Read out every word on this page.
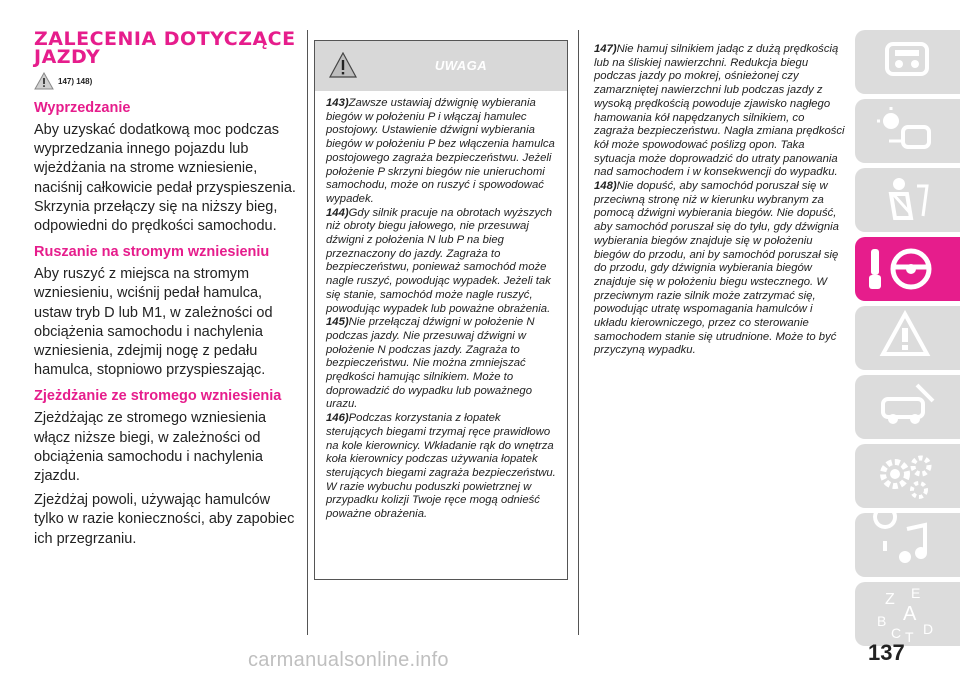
ZALECENIA DOTYCZĄCE JAZDY
147) 148)
Wyprzedzanie

Aby uzyskać dodatkową moc podczas wyprzedzania innego pojazdu lub wjeżdżania na strome wzniesienie, naciśnij całkowicie pedał przyspieszenia. Skrzynia przełączy się na niższy bieg, odpowiedni do prędkości samochodu.

Ruszanie na stromym wzniesieniu

Aby ruszyć z miejsca na stromym wzniesieniu, wciśnij pedał hamulca, ustaw tryb D lub M1, w zależności od obciążenia samochodu i nachylenia wzniesienia, zdejmij nogę z pedału hamulca, stopniowo przyspieszając.

Zjeżdżanie ze stromego wzniesienia

Zjeżdżając ze stromego wzniesienia włącz niższe biegi, w zależności od obciążenia samochodu i nachylenia zjazdu.

Zjeżdżaj powoli, używając hamulców tylko w razie konieczności, aby zapobiec ich przegrzaniu.

UWAGA

143)Zawsze ustawiaj dźwignię wybierania biegów w położeniu P i włączaj hamulec postojowy. Ustawienie dźwigni wybierania biegów w położeniu P bez włączenia hamulca postojowego zagraża bezpieczeństwu. Jeżeli położenie P skrzyni biegów nie unieruchomi samochodu, może on ruszyć i spowodować wypadek.

144)Gdy silnik pracuje na obrotach wyższych niż obroty biegu jałowego, nie przesuwaj dźwigni z położenia N lub P na bieg przeznaczony do jazdy. Zagraża to bezpieczeństwu, ponieważ samochód może nagle ruszyć, powodując wypadek. Jeżeli tak się stanie, samochód może nagle ruszyć, powodując wypadek lub poważne obrażenia.

145)Nie przełączaj dźwigni w położenie N podczas jazdy. Nie przesuwaj dźwigni w położenie N podczas jazdy. Zagraża to bezpieczeństwu. Nie można zmniejszać prędkości hamując silnikiem. Może to doprowadzić do wypadku lub poważnego urazu.

146)Podczas korzystania z łopatek sterujących biegami trzymaj ręce prawidłowo na kole kierownicy. Wkładanie rąk do wnętrza koła kierownicy podczas używania łopatek sterujących biegami zagraża bezpieczeństwu. W razie wybuchu poduszki powietrznej w przypadku kolizji Twoje ręce mogą odnieść poważne obrażenia.

147)Nie hamuj silnikiem jadąc z dużą prędkością lub na śliskiej nawierzchni. Redukcja biegu podczas jazdy po mokrej, ośnieżonej czy zamarzniętej nawierzchni lub podczas jazdy z wysoką prędkością powoduje zjawisko nagłego hamowania kół napędzanych silnikiem, co zagraża bezpieczeństwu. Nagła zmiana prędkości kół może spowodować poślizg opon. Taka sytuacja może doprowadzić do utraty panowania nad samochodem i w konsekwencji do wypadku.

148)Nie dopuść, aby samochód poruszał się w przeciwną stronę niż w kierunku wybranym za pomocą dźwigni wybierania biegów. Nie dopuść, aby samochód poruszał się do tyłu, gdy dźwignia wybierania biegów znajduje się w położeniu biegów do przodu, ani by samochód poruszał się do przodu, gdy dźwignia wybierania biegów znajduje się w położeniu biegu wstecznego. W przeciwnym razie silnik może zatrzymać się, powodując utratę wspomagania hamulców i układu kierowniczego, przez co sterowanie samochodem stanie się utrudnione. Może to być przyczyną wypadku.

Z E
B A
C T D
137
carmanualsonline.info
